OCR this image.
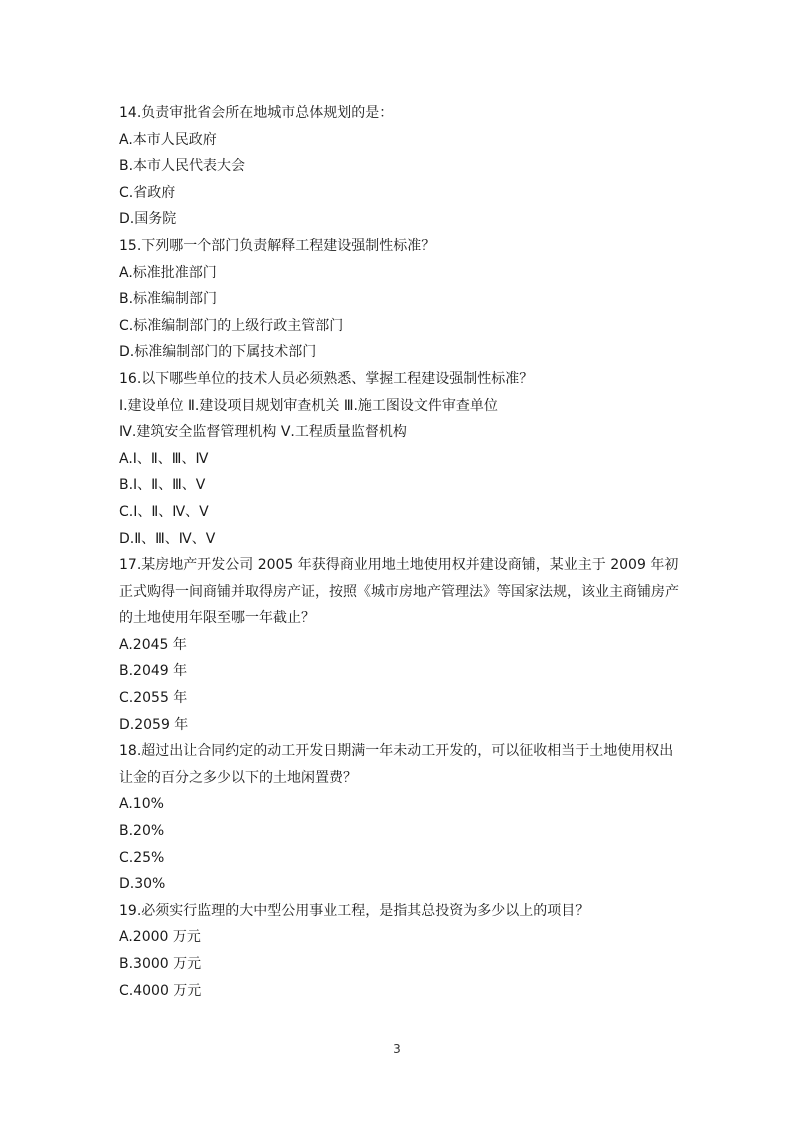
14.负责审批省会所在地城市总体规划的是：
A.本市人民政府
B.本市人民代表大会
C.省政府
D.国务院
15.下列哪一个部门负责解释工程建设强制性标准？
A.标准批准部门
B.标准编制部门
C.标准编制部门的上级行政主管部门
D.标准编制部门的下属技术部门
16.以下哪些单位的技术人员必须熟悉、掌握工程建设强制性标准？
Ⅰ.建设单位 Ⅱ.建设项目规划审查机关 Ⅲ.施工图设文件审查单位
Ⅳ.建筑安全监督管理机构 Ⅴ.工程质量监督机构
A.Ⅰ、Ⅱ、Ⅲ、Ⅳ
B.Ⅰ、Ⅱ、Ⅲ、Ⅴ
C.Ⅰ、Ⅱ、Ⅳ、Ⅴ
D.Ⅱ、Ⅲ、Ⅳ、Ⅴ
17.某房地产开发公司 2005 年获得商业用地土地使用权并建设商铺，某业主于 2009 年初正式购得一间商铺并取得房产证，按照《城市房地产管理法》等国家法规，该业主商铺房产的土地使用年限至哪一年截止？
A.2045 年
B.2049 年
C.2055 年
D.2059 年
18.超过出让合同约定的动工开发日期满一年未动工开发的，可以征收相当于土地使用权出让金的百分之多少以下的土地闲置费？
A.10%
B.20%
C.25%
D.30%
19.必须实行监理的大中型公用事业工程，是指其总投资为多少以上的项目？
A.2000 万元
B.3000 万元
C.4000 万元
3
